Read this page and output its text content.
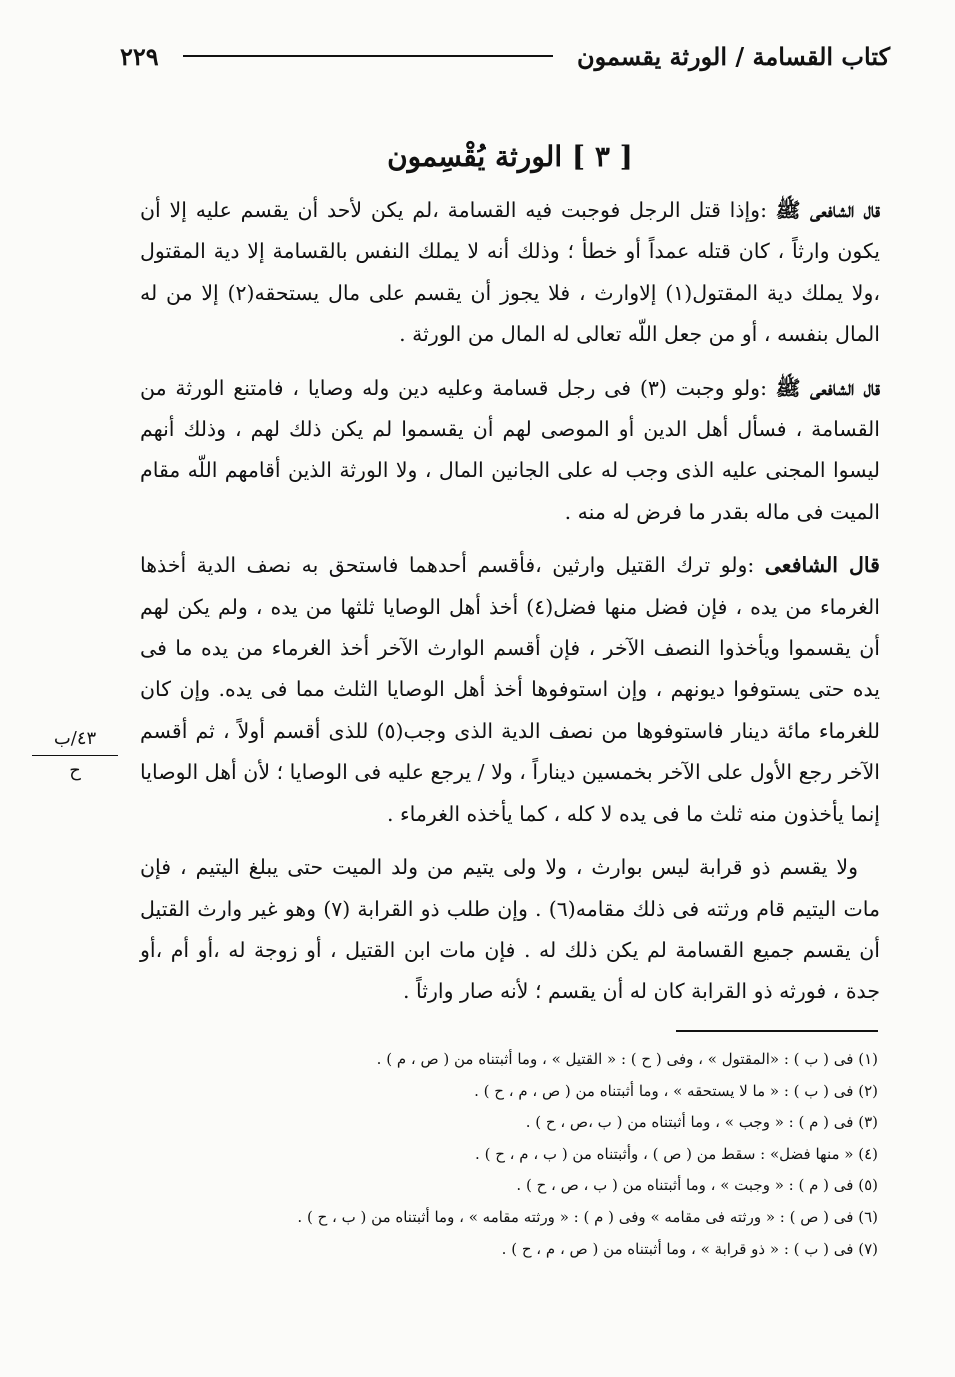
كتاب القسامة / الورثة يقسمون
٢٢٩
[ ٣ ] الورثة يُقْسِمون

قال الشافعى ﷺ :وإذا قتل الرجل فوجبت فيه القسامة ،لم يكن لأحد أن يقسم عليه إلا أن يكون وارثاً ، كان قتله عمداً أو خطأ ؛ وذلك أنه لا يملك النفس بالقسامة إلا دية المقتول ،ولا يملك دية المقتول(١) إلاوارث ، فلا يجوز أن يقسم على مال يستحقه(٢) إلا من له المال بنفسه ، أو من جعل اللّه تعالى له المال من الورثة .

قال الشافعى ﷺ :ولو وجبت (٣) فى رجل قسامة وعليه دين وله وصايا ، فامتنع الورثة من القسامة ، فسأل أهل الدين أو الموصى لهم أن يقسموا لم يكن ذلك لهم ، وذلك أنهم ليسوا المجنى عليه الذى وجب له على الجانين المال ، ولا الورثة الذين أقامهم اللّه مقام الميت فى ماله بقدر ما فرض له منه .

قال الشافعى :ولو ترك القتيل وارثين ،فأقسم أحدهما فاستحق به نصف الدية أخذها الغرماء من يده ، فإن فضل منها فضل(٤) أخذ أهل الوصايا ثلثها من يده ، ولم يكن لهم أن يقسموا ويأخذوا النصف الآخر ، فإن أقسم الوارث الآخر أخذ الغرماء من يده ما فى يده حتى يستوفوا ديونهم ، وإن استوفوها أخذ أهل الوصايا الثلث مما فى يده. وإن كان للغرماء مائة دينار فاستوفوها من نصف الدية الذى وجب(٥) للذى أقسم أولاً ، ثم أقسم الآخر رجع الأول على الآخر بخمسين ديناراً ، ولا / يرجع عليه فى الوصايا ؛ لأن أهل الوصايا إنما يأخذون منه ثلث ما فى يده لا كله ، كما يأخذه الغرماء .

ولا يقسم ذو قرابة ليس بوارث ، ولا ولى يتيم من ولد الميت حتى يبلغ اليتيم ، فإن مات اليتيم قام ورثته فى ذلك مقامه(٦) . وإن طلب ذو القرابة (٧) وهو غير وارث القتيل أن يقسم جميع القسامة لم يكن ذلك له . فإن مات ابن القتيل ، أو زوجة له ،أو أم ،أو جدة ، فورثه ذو القرابة كان له أن يقسم ؛ لأنه صار وارثاً .

٤٣/ب
ح
(١) فى ( ب ) : «المقتول » ، وفى ( ح ) : « القتيل » ، وما أثبتناه من ( ص ، م ) .
(٢) فى ( ب ) : « ما لا يستحقه » ، وما أثبتناه من ( ص ، م ، ح ) .
(٣) فى ( م ) : « وجب » ، وما أثبتناه من ( ب ،ص ، ح ) .
(٤) « منها فضل» : سقط من ( ص ) ، وأثبتناه من ( ب ، م ، ح ) .
(٥) فى ( م ) : « وجبت » ، وما أثبتناه من ( ب ، ص ، ح ) .
(٦) فى ( ص ) : « ورثته فى مقامه » وفى ( م ) : « ورثته مقامه » ، وما أثبتناه من ( ب ، ح ) .
(٧) فى ( ب ) : « ذو قرابة » ، وما أثبتناه من ( ص ، م ، ح ) .
